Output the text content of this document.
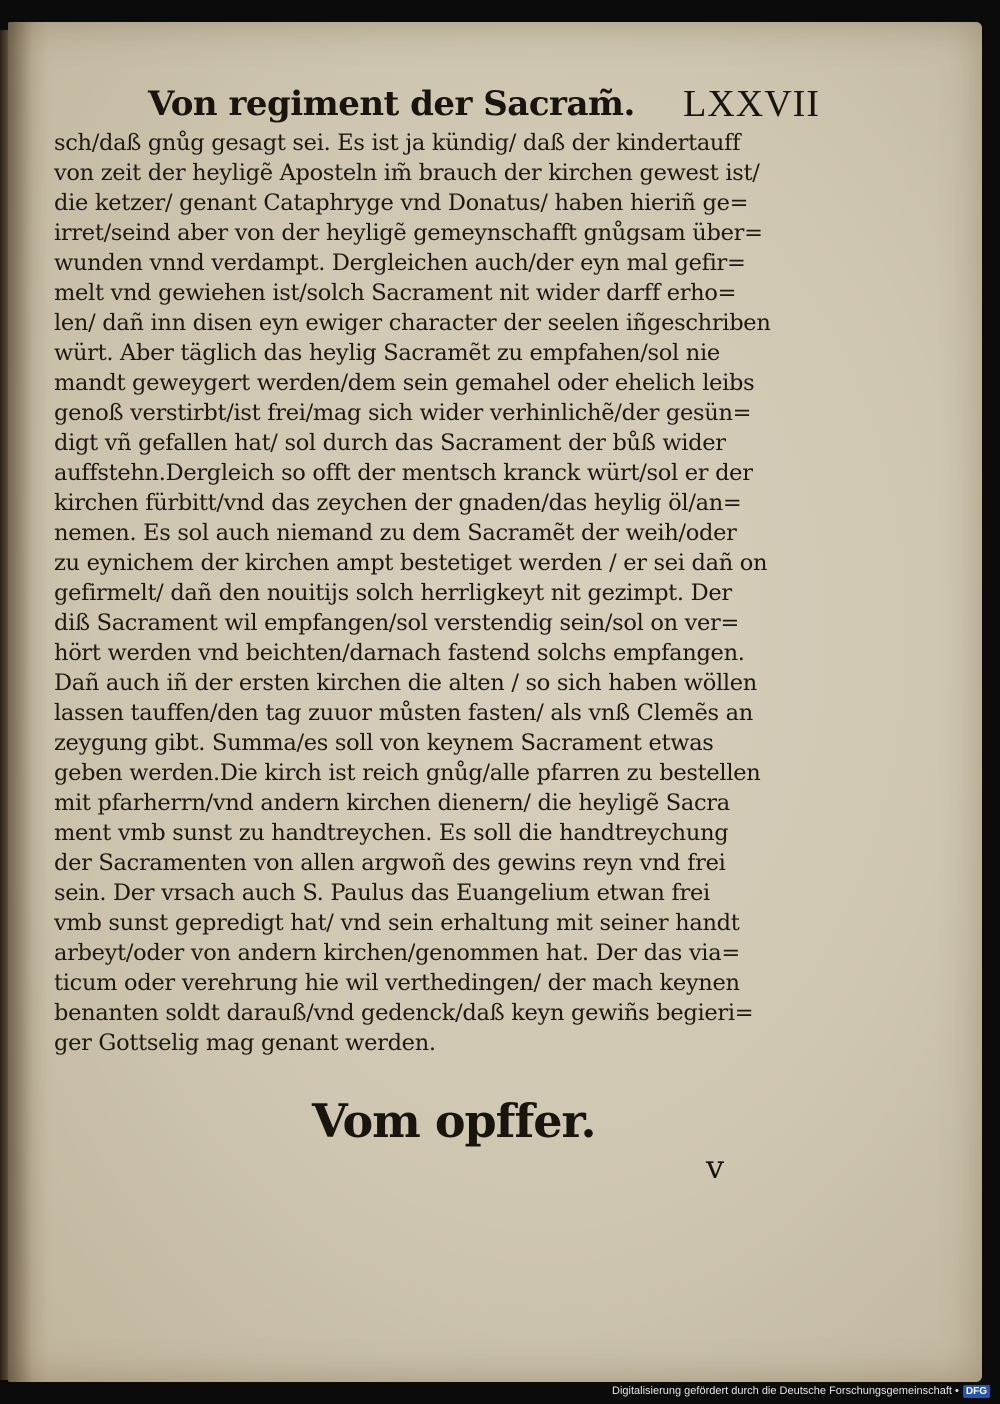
Von regiment der Sacram̃. LXXVII
sch/daß gnůg gesagt sei. Es ist ja kündig/ daß der kindertauff
von zeit der heyligẽ Aposteln im̃ brauch der kirchen gewest ist/
die ketzer/ genant Cataphryge vnd Donatus/ haben hieriñ ge=
irret/seind aber von der heyligẽ gemeynschafft gnůgsam über=
wunden vnnd verdampt. Dergleichen auch/der eyn mal gefir=
melt vnd gewiehen ist/solch Sacrament nit wider darff erho=
len/ dañ inn disen eyn ewiger character der seelen iñgeschriben
würt. Aber täglich das heylig Sacramẽt zu empfahen/sol nie
mandt geweygert werden/dem sein gemahel oder ehelich leibs
genoß verstirbt/ist frei/mag sich wider verhinlichẽ/der gesün=
digt vñ gefallen hat/ sol durch das Sacrament der bůß wider
auffstehn.Dergleich so offt der mentsch kranck würt/sol er der
kirchen fürbitt/vnd das zeychen der gnaden/das heylig öl/an=
nemen. Es sol auch niemand zu dem Sacramẽt der weih/oder
zu eynichem der kirchen ampt bestetiget werden / er sei dañ on
gefirmelt/ dañ den nouitijs solch herrligkeyt nit gezimpt. Der
diß Sacrament wil empfangen/sol verstendig sein/sol on ver=
hört werden vnd beichten/darnach fastend solchs empfangen.
Dañ auch iñ der ersten kirchen die alten / so sich haben wöllen
lassen tauffen/den tag zuuor můsten fasten/ als vnß Clemẽs an
zeygung gibt. Summa/es soll von keynem Sacrament etwas
geben werden.Die kirch ist reich gnůg/alle pfarren zu bestellen
mit pfarherrn/vnd andern kirchen dienern/ die heyligẽ Sacra
ment vmb sunst zu handtreychen. Es soll die handtreychung
der Sacramenten von allen argwoñ des gewins reyn vnd frei
sein. Der vrsach auch S. Paulus das Euangelium etwan frei
vmb sunst gepredigt hat/ vnd sein erhaltung mit seiner handt
arbeyt/oder von andern kirchen/genommen hat. Der das via=
ticum oder verehrung hie wil verthedingen/ der mach keynen
benanten soldt darauß/vnd gedenck/daß keyn gewiñs begieri=
ger Gottselig mag genant werden.
Vom opffer.
v
Digitalisierung gefördert durch die Deutsche Forschungsgemeinschaft • DFG
